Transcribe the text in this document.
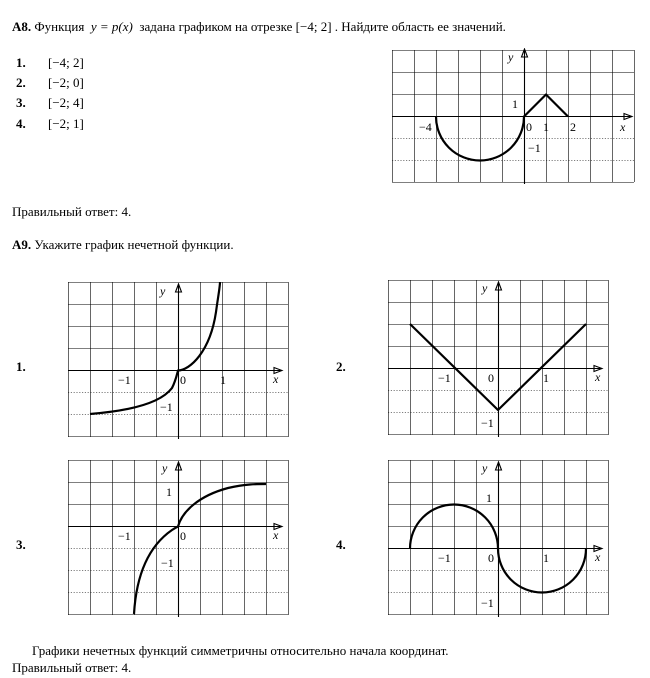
A8. Функция y = p(x) задана графиком на отрезке [−4; 2] . Найдите область ее значений.
1. [−4; 2]
2. [−2; 0]
3. [−2; 4]
4. [−2; 1]
y
x
1
−4	0 1 2
−1
Правильный ответ: 4.
A9. Укажите график нечетной функции.
1.	2.
3.	4.
y
x
−1	0	1
−1
y
x
−1	0	1
−1
y
x
1
−1	0
−1
y
x
1
−1	0	1
−1
Графики нечетных функций симметричны относительно начала координат.
Правильный ответ: 4.
